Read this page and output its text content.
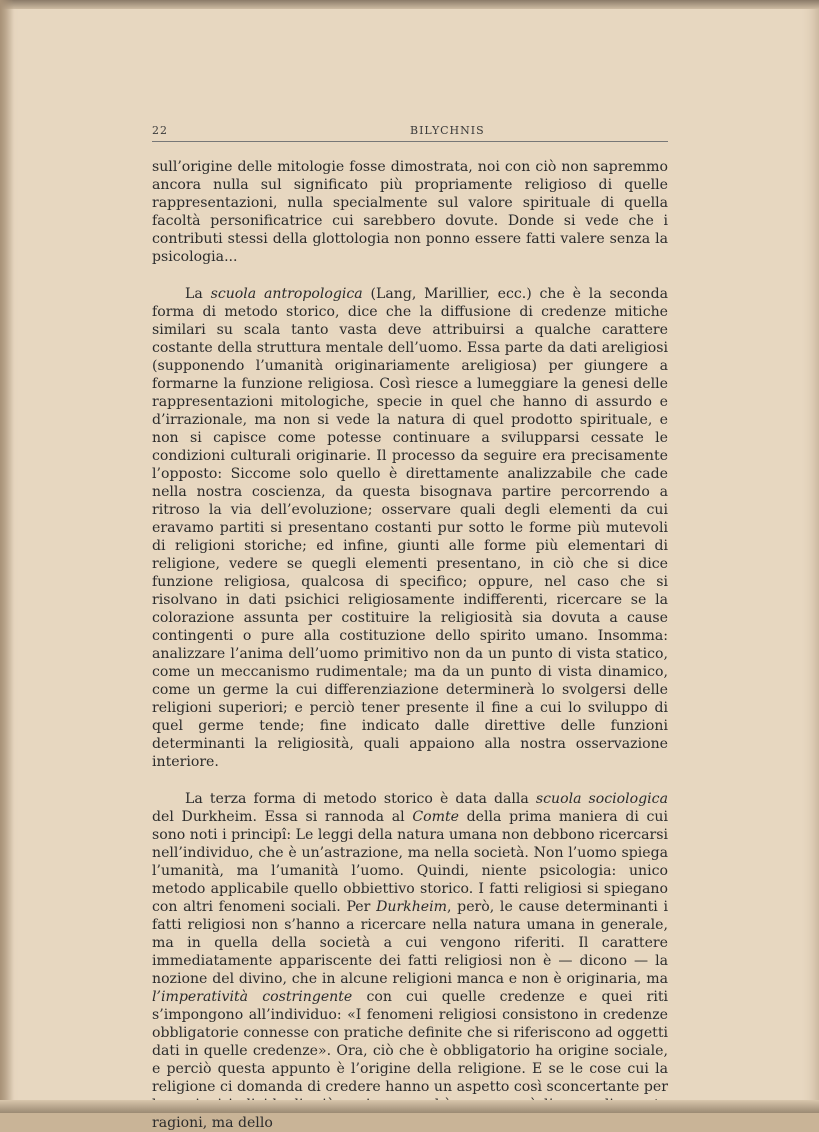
22	BILYCHNIS

sull’origine delle mitologie fosse dimostrata, noi con ciò non sapremmo ancora nulla sul significato più propriamente religioso di quelle rappresentazioni, nulla specialmente sul valore spirituale di quella facoltà personificatrice cui sarebbero dovute. Donde si vede che i contributi stessi della glottologia non ponno essere fatti valere senza la psicologia...

La scuola antropologica (Lang, Marillier, ecc.) che è la seconda forma di metodo storico, dice che la diffusione di credenze mitiche similari su scala tanto vasta deve attribuirsi a qualche carattere costante della struttura mentale dell’uomo. Essa parte da dati areligiosi (supponendo l’umanità originariamente areligiosa) per giungere a formarne la funzione religiosa. Così riesce a lumeggiare la genesi delle rappresentazioni mitologiche, specie in quel che hanno di assurdo e d’irrazionale, ma non si vede la natura di quel prodotto spirituale, e non si capisce come potesse continuare a svilupparsi cessate le condizioni culturali originarie. Il processo da seguire era precisamente l’opposto: Siccome solo quello è direttamente analizzabile che cade nella nostra coscienza, da questa bisognava partire percorrendo a ritroso la via dell’evoluzione; osservare quali degli elementi da cui eravamo partiti si presentano costanti pur sotto le forme più mutevoli di religioni storiche; ed infine, giunti alle forme più elementari di religione, vedere se quegli elementi presentano, in ciò che si dice funzione religiosa, qualcosa di specifico; oppure, nel caso che si risolvano in dati psichici religiosamente indifferenti, ricercare se la colorazione assunta per costituire la religiosità sia dovuta a cause contingenti o pure alla costituzione dello spirito umano. Insomma: analizzare l’anima dell’uomo primitivo non da un punto di vista statico, come un meccanismo rudimentale; ma da un punto di vista dinamico, come un germe la cui differenziazione determinerà lo svolgersi delle religioni superiori; e perciò tener presente il fine a cui lo sviluppo di quel germe tende; fine indicato dalle direttive delle funzioni determinanti la religiosità, quali appaiono alla nostra osservazione interiore.

La terza forma di metodo storico è data dalla scuola sociologica del Durkheim. Essa si rannoda al Comte della prima maniera di cui sono noti i principî: Le leggi della natura umana non debbono ricercarsi nell’individuo, che è un’astrazione, ma nella società. Non l’uomo spiega l’umanità, ma l’umanità l’uomo. Quindi, niente psicologia: unico metodo applicabile quello obbiettivo storico. I fatti religiosi si spiegano con altri fenomeni sociali. Per Durkheim, però, le cause determinanti i fatti religiosi non s’hanno a ricercare nella natura umana in generale, ma in quella della società a cui vengono riferiti. Il carattere immediatamente appariscente dei fatti religiosi non è — dicono — la nozione del divino, che in alcune religioni manca e non è originaria, ma l’imperatività costringente con cui quelle credenze e quei riti s’impongono all’individuo: «I fenomeni religiosi consistono in credenze obbligatorie connesse con pratiche definite che si riferiscono ad oggetti dati in quelle credenze». Ora, ciò che è obbligatorio ha origine sociale, e perciò questa appunto è l’origine della religione. E se le cose cui la religione ci domanda di credere hanno un aspetto così sconcertante per ragioni, ma dello
